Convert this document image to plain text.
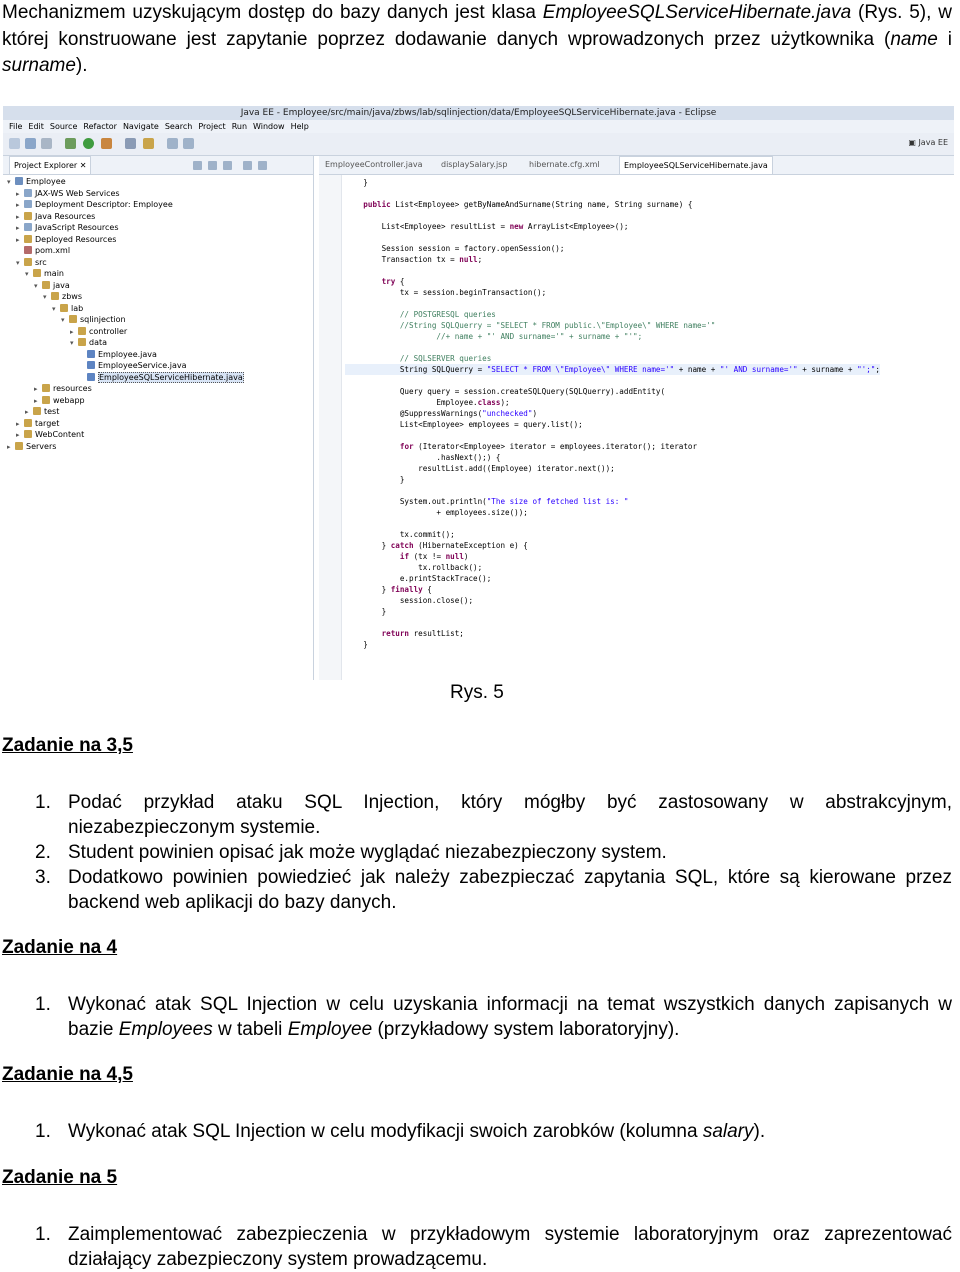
Mechanizmem uzyskującym dostęp do bazy danych jest klasa EmployeeSQLServiceHibernate.java (Rys. 5), w której konstruowane jest zapytanie poprzez dodawanie danych wprowadzonych przez użytkownika (name i surname).
Java EE - Employee/src/main/java/zbws/lab/sqlinjection/data/EmployeeSQLServiceHibernate.java - Eclipse
File Edit Source Refactor Navigate Search Project Run Window Help
▣ Java EE
Project Explorer ✕
▾ Employee
▸ JAX-WS Web Services
▸ Deployment Descriptor: Employee
▸ Java Resources
▸ JavaScript Resources
▸ Deployed Resources
pom.xml
▾ src
▾ main
▾ java
▾ zbws
▾ lab
▾ sqlinjection
▸ controller
▾ data
Employee.java
EmployeeService.java
EmployeeSQLServiceHibernate.java
▸ resources
▸ webapp
▸ test
▸ target
▸ WebContent
▸ Servers
EmployeeController.java displaySalary.jsp	hibernate.cfg.xml	EmployeeSQLServiceHibernate.java
}
public List<Employee> getByNameAndSurname(String name, String surname) {
List<Employee> resultList = new ArrayList<Employee>();
Session session = factory.openSession();
Transaction tx = null;
try {
tx = session.beginTransaction();
// POSTGRESQL queries
//String SQLQuerry = "SELECT * FROM public.\"Employee\" WHERE name='"
//+ name + "' AND surname='" + surname + "'";
// SQLSERVER queries
String SQLQuerry = "SELECT * FROM \"Employee\" WHERE name='" + name + "' AND surname='" + surname + "';";
Query query = session.createSQLQuery(SQLQuerry).addEntity(
Employee.class);
@SuppressWarnings("unchecked")
List<Employee> employees = query.list();
for (Iterator<Employee> iterator = employees.iterator(); iterator
.hasNext();) {
resultList.add((Employee) iterator.next());
}
System.out.println("The size of fetched list is: "
+ employees.size());
tx.commit();
} catch (HibernateException e) {
if (tx != null)
tx.rollback();
e.printStackTrace();
} finally {
session.close();
}
return resultList;
}
Rys. 5
Zadanie na 3,5
1. Podać przykład ataku SQL Injection, który mógłby być zastosowany w abstrakcyjnym, niezabezpieczonym systemie.
2. Student powinien opisać jak może wyglądać niezabezpieczony system.
3. Dodatkowo powinien powiedzieć jak należy zabezpieczać zapytania SQL, które są kierowane przez backend web aplikacji do bazy danych.
Zadanie na 4
1. Wykonać atak SQL Injection w celu uzyskania informacji na temat wszystkich danych zapisanych w bazie Employees w tabeli Employee (przykładowy system laboratoryjny).
Zadanie na 4,5
1. Wykonać atak SQL Injection w celu modyfikacji swoich zarobków (kolumna salary).
Zadanie na 5
1. Zaimplementować zabezpieczenia w przykładowym systemie laboratoryjnym oraz zaprezentować działający zabezpieczony system prowadzącemu.
